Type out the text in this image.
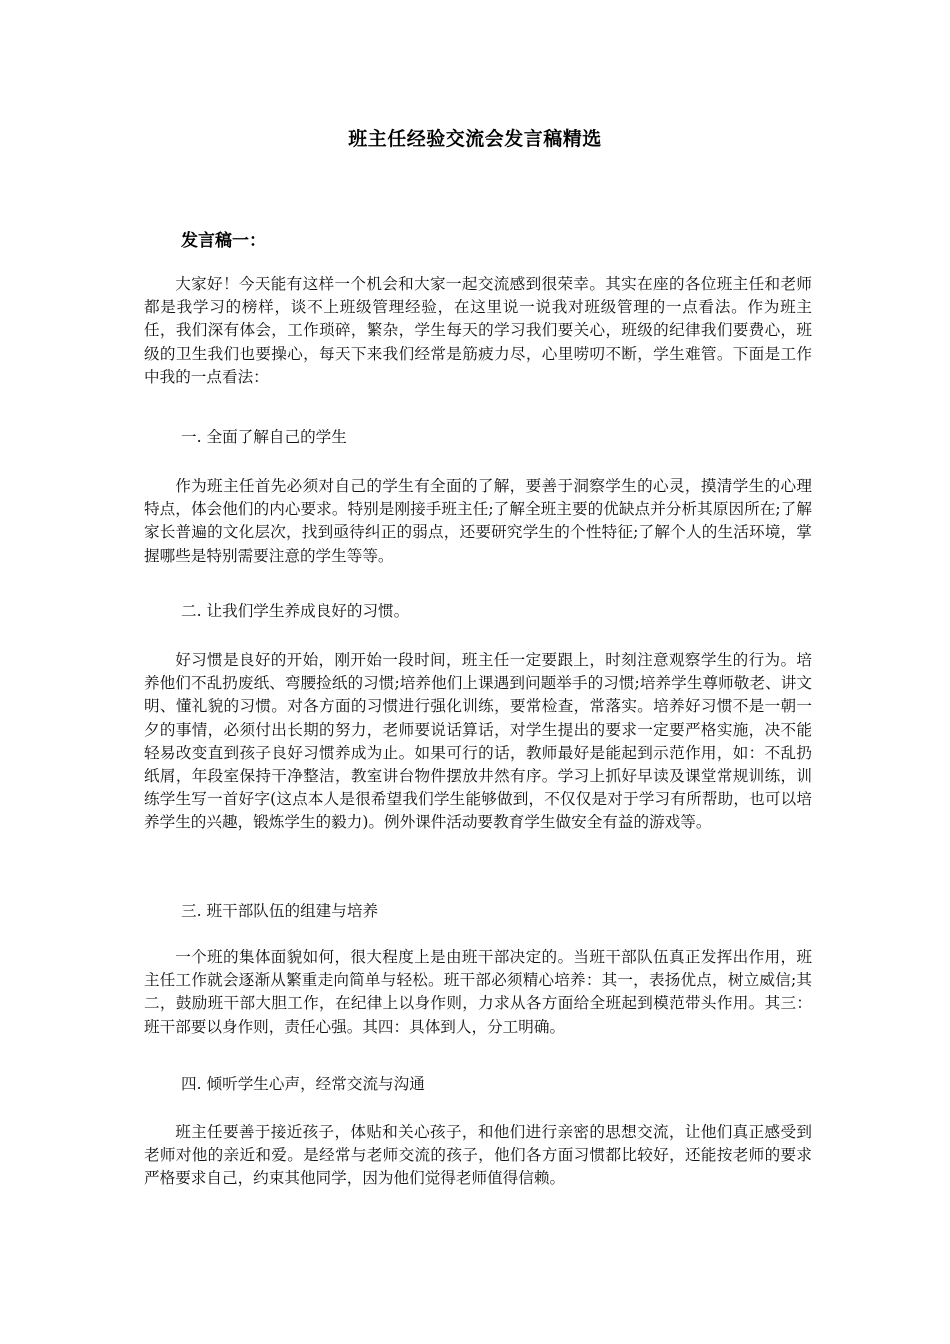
班主任经验交流会发言稿精选
发言稿一：

大家好！今天能有这样一个机会和大家一起交流感到很荣幸。其实在座的各位班主任和老师都是我学习的榜样，谈不上班级管理经验，在这里说一说我对班级管理的一点看法。作为班主任，我们深有体会，工作琐碎，繁杂，学生每天的学习我们要关心，班级的纪律我们要费心，班级的卫生我们也要操心，每天下来我们经常是筋疲力尽，心里唠叨不断，学生难管。下面是工作中我的一点看法：

一. 全面了解自己的学生

作为班主任首先必须对自己的学生有全面的了解，要善于洞察学生的心灵，摸清学生的心理特点，体会他们的内心要求。特别是刚接手班主任;了解全班主要的优缺点并分析其原因所在;了解家长普遍的文化层次，找到亟待纠正的弱点，还要研究学生的个性特征;了解个人的生活环境，掌握哪些是特别需要注意的学生等等。

二. 让我们学生养成良好的习惯。

好习惯是良好的开始，刚开始一段时间，班主任一定要跟上，时刻注意观察学生的行为。培养他们不乱扔废纸、弯腰捡纸的习惯;培养他们上课遇到问题举手的习惯;培养学生尊师敬老、讲文明、懂礼貌的习惯。对各方面的习惯进行强化训练，要常检查，常落实。培养好习惯不是一朝一夕的事情，必须付出长期的努力，老师要说话算话，对学生提出的要求一定要严格实施，决不能轻易改变直到孩子良好习惯养成为止。如果可行的话，教师最好是能起到示范作用，如：不乱扔纸屑，年段室保持干净整洁，教室讲台物件摆放井然有序。学习上抓好早读及课堂常规训练，训练学生写一首好字(这点本人是很希望我们学生能够做到，不仅仅是对于学习有所帮助，也可以培养学生的兴趣，锻炼学生的毅力)。例外课件活动要教育学生做安全有益的游戏等。

三. 班干部队伍的组建与培养

一个班的集体面貌如何，很大程度上是由班干部决定的。当班干部队伍真正发挥出作用，班主任工作就会逐渐从繁重走向简单与轻松。班干部必须精心培养：其一，表扬优点，树立威信;其二，鼓励班干部大胆工作，在纪律上以身作则，力求从各方面给全班起到模范带头作用。其三：班干部要以身作则，责任心强。其四：具体到人，分工明确。

四. 倾听学生心声，经常交流与沟通

班主任要善于接近孩子，体贴和关心孩子，和他们进行亲密的思想交流，让他们真正感受到老师对他的亲近和爱。是经常与老师交流的孩子，他们各方面习惯都比较好，还能按老师的要求严格要求自己，约束其他同学，因为他们觉得老师值得信赖。
